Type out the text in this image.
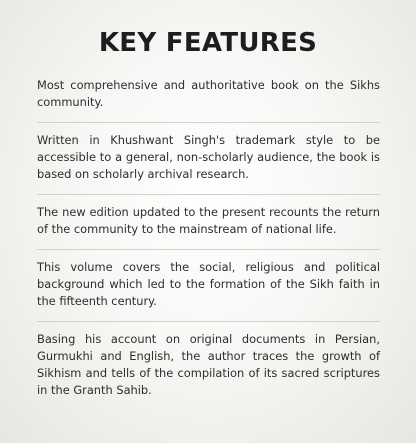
KEY FEATURES
Most comprehensive and authoritative book on the Sikhs community.
Written in Khushwant Singh's trademark style to be accessible to a general, non-scholarly audience, the book is based on scholarly archival research.
The new edition updated to the present recounts the return of the community to the mainstream of national life.
This volume covers the social, religious and political background which led to the formation of the Sikh faith in the fifteenth century.
Basing his account on original documents in Persian, Gurmukhi and English, the author traces the growth of Sikhism and tells of the compilation of its sacred scriptures in the Granth Sahib.
